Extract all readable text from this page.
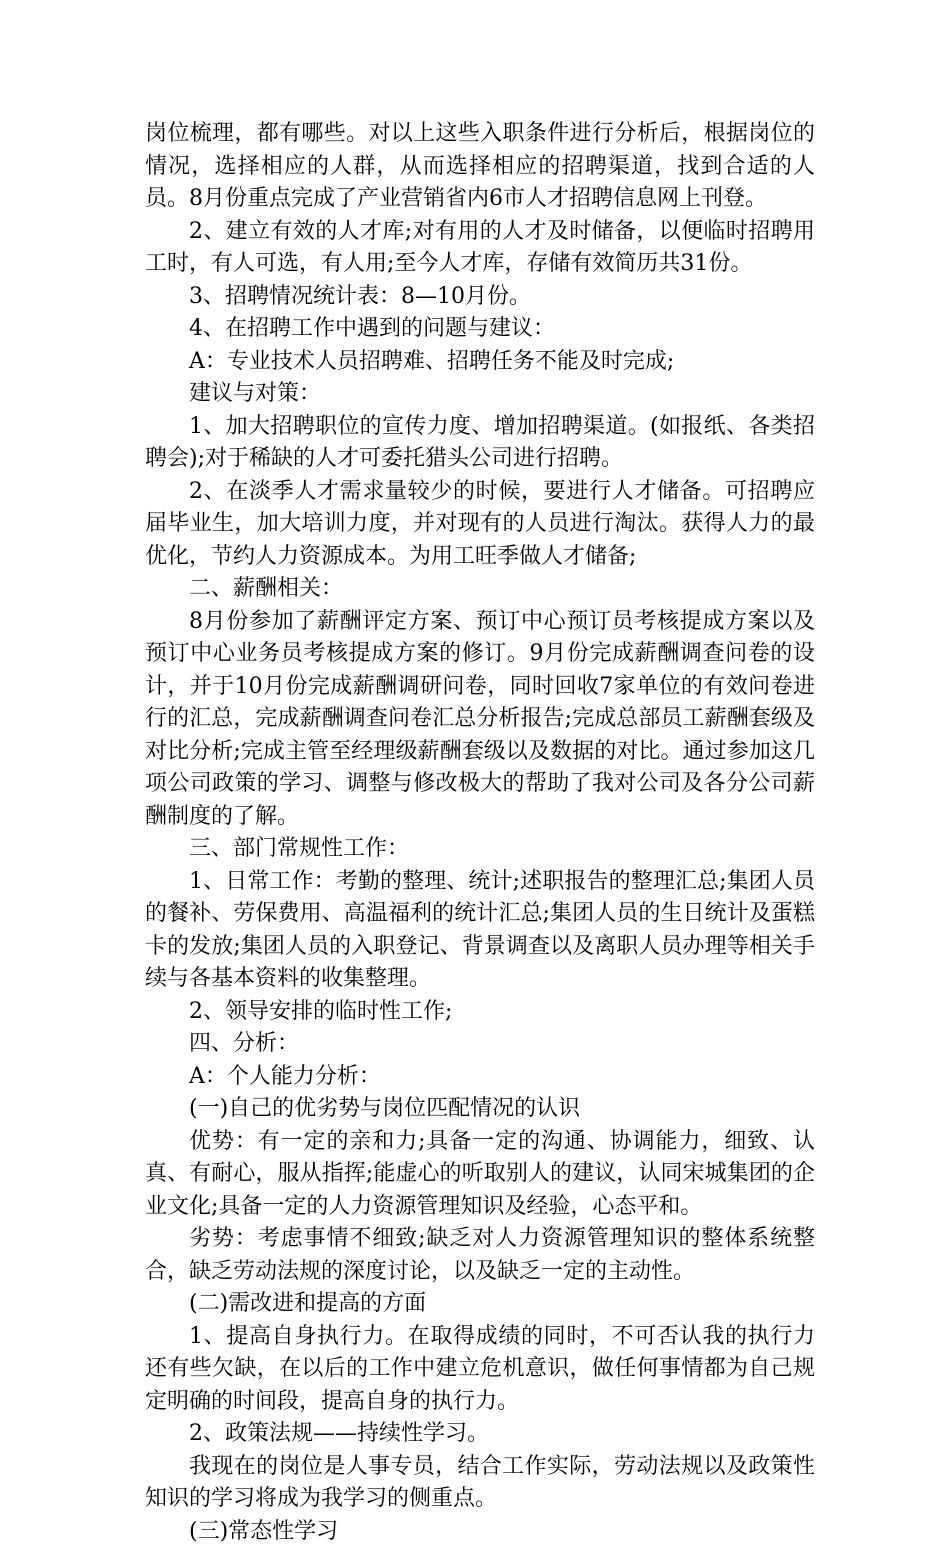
岗位梳理，都有哪些。对以上这些入职条件进行分析后，根据岗位的情况，选择相应的人群，从而选择相应的招聘渠道，找到合适的人员。8月份重点完成了产业营销省内6市人才招聘信息网上刊登。

2、建立有效的人才库;对有用的人才及时储备，以便临时招聘用工时，有人可选，有人用;至今人才库，存储有效简历共31份。

3、招聘情况统计表：8—10月份。

4、在招聘工作中遇到的问题与建议：

A：专业技术人员招聘难、招聘任务不能及时完成;

建议与对策：

1、加大招聘职位的宣传力度、增加招聘渠道。(如报纸、各类招聘会);对于稀缺的人才可委托猎头公司进行招聘。

2、在淡季人才需求量较少的时候，要进行人才储备。可招聘应届毕业生，加大培训力度，并对现有的人员进行淘汰。获得人力的最优化，节约人力资源成本。为用工旺季做人才储备;

二、薪酬相关：

8月份参加了薪酬评定方案、预订中心预订员考核提成方案以及预订中心业务员考核提成方案的修订。9月份完成薪酬调查问卷的设计，并于10月份完成薪酬调研问卷，同时回收7家单位的有效问卷进行的汇总，完成薪酬调查问卷汇总分析报告;完成总部员工薪酬套级及对比分析;完成主管至经理级薪酬套级以及数据的对比。通过参加这几项公司政策的学习、调整与修改极大的帮助了我对公司及各分公司薪酬制度的了解。

三、部门常规性工作：

1、日常工作：考勤的整理、统计;述职报告的整理汇总;集团人员的餐补、劳保费用、高温福利的统计汇总;集团人员的生日统计及蛋糕卡的发放;集团人员的入职登记、背景调查以及离职人员办理等相关手续与各基本资料的收集整理。

2、领导安排的临时性工作;

四、分析：

A：个人能力分析：

(一)自己的优劣势与岗位匹配情况的认识

优势：有一定的亲和力;具备一定的沟通、协调能力，细致、认真、有耐心，服从指挥;能虚心的听取别人的建议，认同宋城集团的企业文化;具备一定的人力资源管理知识及经验，心态平和。

劣势：考虑事情不细致;缺乏对人力资源管理知识的整体系统整合，缺乏劳动法规的深度讨论，以及缺乏一定的主动性。

(二)需改进和提高的方面

1、提高自身执行力。在取得成绩的同时，不可否认我的执行力还有些欠缺，在以后的工作中建立危机意识，做任何事情都为自己规定明确的时间段，提高自身的执行力。

2、政策法规——持续性学习。

我现在的岗位是人事专员，结合工作实际，劳动法规以及政策性知识的学习将成为我学习的侧重点。

(三)常态性学习
